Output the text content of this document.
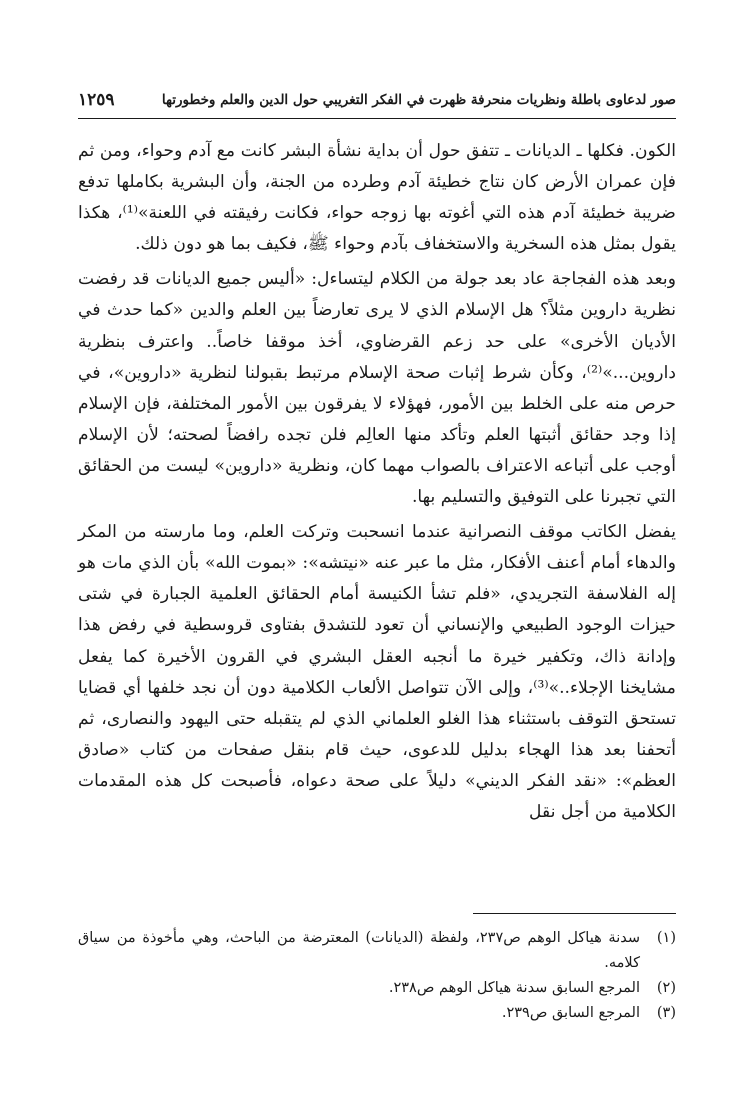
صور لدعاوى باطلة ونظريات منحرفة ظهرت في الفكر التغريبي حول الدين والعلم وخطورتها
١٢٥٩

الكون. فكلها ـ الديانات ـ تتفق حول أن بداية نشأة البشر كانت مع آدم وحواء، ومن ثم فإن عمران الأرض كان نتاج خطيئة آدم وطرده من الجنة، وأن البشرية بكاملها تدفع ضريبة خطيئة آدم هذه التي أغوته بها زوجه حواء، فكانت رفيقته في اللعنة»⁽¹⁾، هكذا يقول بمثل هذه السخرية والاستخفاف بآدم وحواء ﷺ، فكيف بما هو دون ذلك.

وبعد هذه الفجاجة عاد بعد جولة من الكلام ليتساءل: «أليس جميع الديانات قد رفضت نظرية داروين مثلاً؟ هل الإسلام الذي لا يرى تعارضاً بين العلم والدين «كما حدث في الأديان الأخرى» على حد زعم القرضاوي، أخذ موقفا خاصاً.. واعترف بنظرية داروين...»⁽²⁾، وكأن شرط إثبات صحة الإسلام مرتبط بقبولنا لنظرية «داروين»، في حرص منه على الخلط بين الأمور، فهؤلاء لا يفرقون بين الأمور المختلفة، فإن الإسلام إذا وجد حقائق أثبتها العلم وتأكد منها العالِم فلن تجده رافضاً لصحته؛ لأن الإسلام أوجب على أتباعه الاعتراف بالصواب مهما كان، ونظرية «داروين» ليست من الحقائق التي تجبرنا على التوفيق والتسليم بها.

يفضل الكاتب موقف النصرانية عندما انسحبت وتركت العلم، وما مارسته من المكر والدهاء أمام أعنف الأفكار، مثل ما عبر عنه «نيتشه»: «بموت الله» بأن الذي مات هو إله الفلاسفة التجريدي، «فلم تشأ الكنيسة أمام الحقائق العلمية الجبارة في شتى حيزات الوجود الطبيعي والإنساني أن تعود للتشدق بفتاوى قروسطية في رفض هذا وإدانة ذاك، وتكفير خيرة ما أنجبه العقل البشري في القرون الأخيرة كما يفعل مشايخنا الإجلاء..»⁽³⁾، وإلى الآن تتواصل الألعاب الكلامية دون أن نجد خلفها أي قضايا تستحق التوقف باستثناء هذا الغلو العلماني الذي لم يتقبله حتى اليهود والنصارى، ثم أتحفنا بعد هذا الهجاء بدليل للدعوى، حيث قام بنقل صفحات من كتاب «صادق العظم»: «نقد الفكر الديني» دليلاً على صحة دعواه، فأصبحت كل هذه المقدمات الكلامية من أجل نقل

(١)
سدنة هياكل الوهم ص٢٣٧، ولفظة (الديانات) المعترضة من الباحث، وهي مأخوذة من سياق كلامه.
(٢)
المرجع السابق سدنة هياكل الوهم ص٢٣٨.
(٣)
المرجع السابق ص٢٣٩.
